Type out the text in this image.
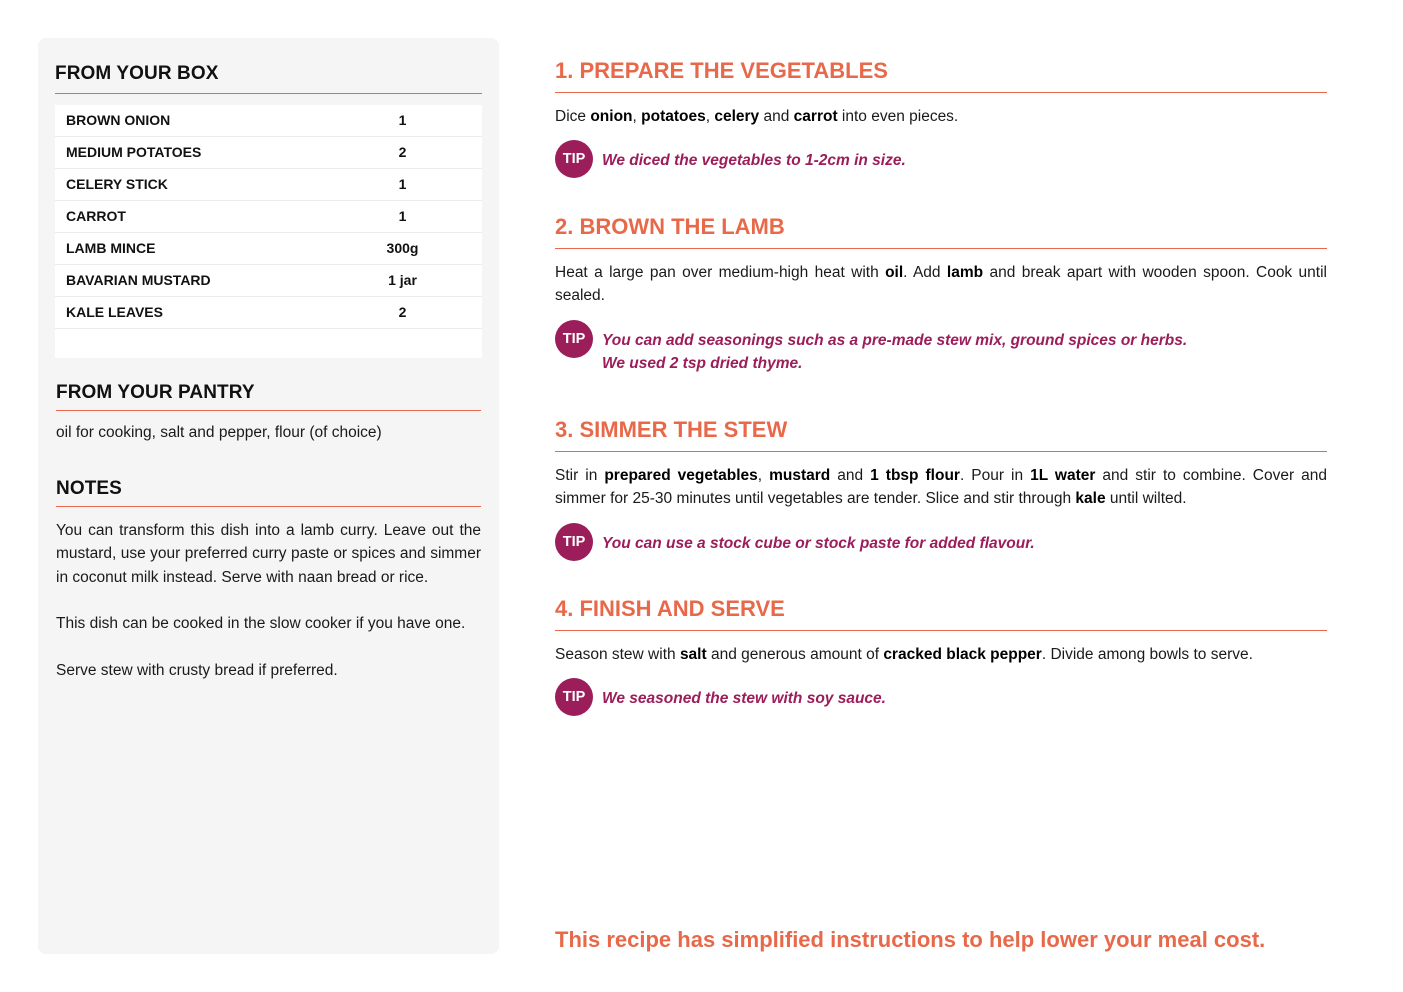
FROM YOUR BOX
BROWN ONION	1
MEDIUM POTATOES	2
CELERY STICK	1
CARROT	1
LAMB MINCE	300g
BAVARIAN MUSTARD	1 jar
KALE LEAVES	2
FROM YOUR PANTRY
oil for cooking, salt and pepper, flour (of choice)
NOTES

You can transform this dish into a lamb curry. Leave out the mustard, use your preferred curry paste or spices and simmer in coconut milk instead. Serve with naan bread or rice.

This dish can be cooked in the slow cooker if you have one.

Serve stew with crusty bread if preferred.

1. PREPARE THE VEGETABLES
Dice onion, potatoes, celery and carrot into even pieces.
TIP	We diced the vegetables to 1-2cm in size.
2. BROWN THE LAMB
Heat a large pan over medium-high heat with oil. Add lamb and break apart with wooden spoon. Cook until sealed.
TIP	You can add seasonings such as a pre-made stew mix, ground spices or herbs.
We used 2 tsp dried thyme.
3. SIMMER THE STEW
Stir in prepared vegetables, mustard and 1 tbsp flour. Pour in 1L water and stir to combine. Cover and simmer for 25-30 minutes until vegetables are tender. Slice and stir through kale until wilted.
TIP	You can use a stock cube or stock paste for added flavour.
4. FINISH AND SERVE
Season stew with salt and generous amount of cracked black pepper. Divide among bowls to serve.
TIP	We seasoned the stew with soy sauce.
This recipe has simplified instructions to help lower your meal cost.
